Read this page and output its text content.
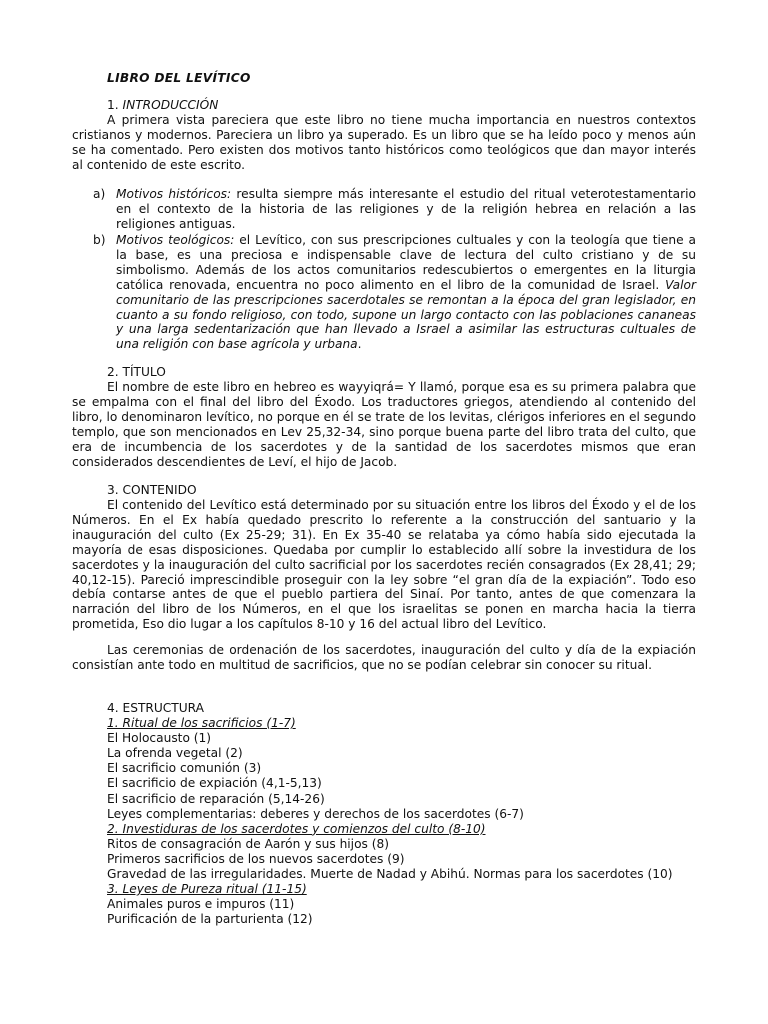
LIBRO DEL LEVÍTICO
1. INTRODUCCIÓN

A primera vista pareciera que este libro no tiene mucha importancia en nuestros contextos cristianos y modernos. Pareciera un libro ya superado. Es un libro que se ha leído poco y menos aún se ha comentado. Pero existen dos motivos tanto históricos como teológicos que dan mayor interés al contenido de este escrito.

a) Motivos históricos: resulta siempre más interesante el estudio del ritual veterotestamentario en el contexto de la historia de las religiones y de la religión hebrea en relación a las religiones antiguas.
b) Motivos teológicos: el Levítico, con sus prescripciones cultuales y con la teología que tiene a la base, es una preciosa e indispensable clave de lectura del culto cristiano y de su simbolismo. Además de los actos comunitarios redescubiertos o emergentes en la liturgia católica renovada, encuentra no poco alimento en el libro de la comunidad de Israel. Valor comunitario de las prescripciones sacerdotales se remontan a la época del gran legislador, en cuanto a su fondo religioso, con todo, supone un largo contacto con las poblaciones cananeas y una larga sedentarización que han llevado a Israel a asimilar las estructuras cultuales de una religión con base agrícola y urbana.
2. TÍTULO

El nombre de este libro en hebreo es wayyiqrá= Y llamó, porque esa es su primera palabra que se empalma con el final del libro del Éxodo. Los traductores griegos, atendiendo al contenido del libro, lo denominaron levítico, no porque en él se trate de los levitas, clérigos inferiores en el segundo templo, que son mencionados en Lev 25,32-34, sino porque buena parte del libro trata del culto, que era de incumbencia de los sacerdotes y de la santidad de los sacerdotes mismos que eran considerados descendientes de Leví, el hijo de Jacob.

3. CONTENIDO

El contenido del Levítico está determinado por su situación entre los libros del Éxodo y el de los Números. En el Ex había quedado prescrito lo referente a la construcción del santuario y la inauguración del culto (Ex 25-29; 31). En Ex 35-40 se relataba ya cómo había sido ejecutada la mayoría de esas disposiciones. Quedaba por cumplir lo establecido allí sobre la investidura de los sacerdotes y la inauguración del culto sacrificial por los sacerdotes recién consagrados (Ex 28,41; 29; 40,12-15). Pareció imprescindible proseguir con la ley sobre “el gran día de la expiación”. Todo eso debía contarse antes de que el pueblo partiera del Sinaí. Por tanto, antes de que comenzara la narración del libro de los Números, en el que los israelitas se ponen en marcha hacia la tierra prometida, Eso dio lugar a los capítulos 8-10 y 16 del actual libro del Levítico.

Las ceremonias de ordenación de los sacerdotes, inauguración del culto y día de la expiación consistían ante todo en multitud de sacrificios, que no se podían celebrar sin conocer su ritual.

4. ESTRUCTURA
1. Ritual de los sacrificios (1-7)
El Holocausto (1)
La ofrenda vegetal (2)
El sacrificio comunión (3)
El sacrificio de expiación (4,1-5,13)
El sacrificio de reparación (5,14-26)
Leyes complementarias: deberes y derechos de los sacerdotes (6-7)
2. Investiduras de los sacerdotes y comienzos del culto (8-10)
Ritos de consagración de Aarón y sus hijos (8)
Primeros sacrificios de los nuevos sacerdotes (9)
Gravedad de las irregularidades. Muerte de Nadad y Abihú. Normas para los sacerdotes (10)
3. Leyes de Pureza ritual (11-15)
Animales puros e impuros (11)
Purificación de la parturienta (12)
